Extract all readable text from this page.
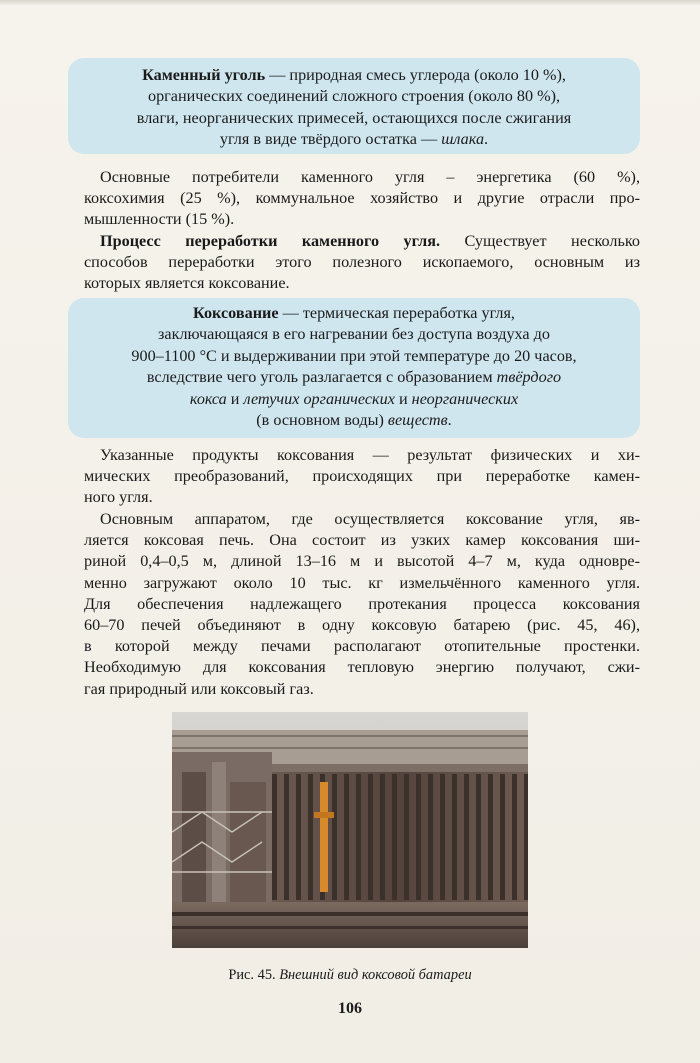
Каменный уголь — природная смесь углерода (около 10 %),

органических соединений сложного строения (около 80 %),

влаги, неорганических примесей, остающихся после сжигания

угля в виде твёрдого остатка — шлака.

Основные потребители каменного угля – энергетика (60 %),
коксохимия (25 %), коммунальное хозяйство и другие отрасли про-
мышленности (15 %).
Процесс переработки каменного угля. Существует несколько
способов переработки этого полезного ископаемого, основным из
которых является коксование.

Коксование — термическая переработка угля,

заключающаяся в его нагревании без доступа воздуха до

900–1100 °С и выдерживании при этой температуре до 20 часов,

вследствие чего уголь разлагается с образованием твёрдого

кокса и летучих органических и неорганических

(в основном воды) веществ.

Указанные продукты коксования — результат физических и хи-
мических преобразований, происходящих при переработке камен-
ного угля.
Основным аппаратом, где осуществляется коксование угля, яв-
ляется коксовая печь. Она состоит из узких камер коксования ши-
риной 0,4–0,5 м, длиной 13–16 м и высотой 4–7 м, куда одновре-
менно загружают около 10 тыс. кг измельчённого каменного угля.
Для обеспечения надлежащего протекания процесса коксования
60–70 печей объединяют в одну коксовую батарею (рис. 45, 46),
в которой между печами располагают отопительные простенки.
Необходимую для коксования тепловую энергию получают, сжи-
гая природный или коксовый газ.
Рис. 45. Внешний вид коксовой батареи
106
